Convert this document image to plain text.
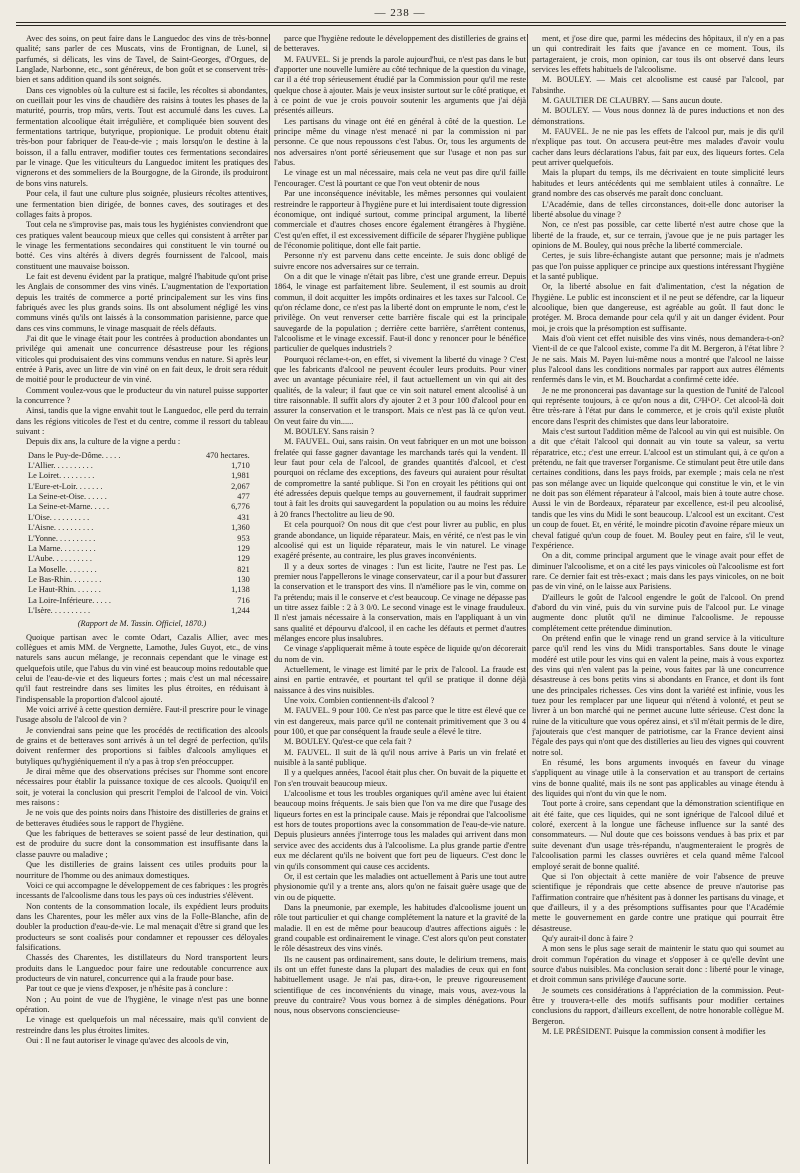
— 238 —

Avec des soins, on peut faire dans le Languedoc des vins de très-bonne qualité; sans parler de ces Muscats, vins de Frontignan, de Lunel, si parfumés, si délicats, les vins de Tavel, de Saint-Georges, d'Orgues, de Langlade, Narbonne, etc., sont généreux, de bon goût et se conservent très-bien et sans addition quand ils sont soignés.

Dans ces vignobles où la culture est si facile, les récoltes si abondantes, on cueillait pour les vins de chaudière des raisins à toutes les phases de la maturité, pourris, trop mûrs, verts. Tout est accumulé dans les cuves. La fermentation alcoolique était irrégulière, et compliquée bien souvent des fermentations tartrique, butyrique, propionique. Le produit obtenu était très-bon pour fabriquer de l'eau-de-vie ; mais lorsqu'on le destine à la boisson, il a fallu entraver, modifier toutes ces fermentations secondaires par le vinage. Que les viticulteurs du Languedoc imitent les pratiques des vignerons et des sommeliers de la Bourgogne, de la Gironde, ils produiront de bons vins naturels.

Pour cela, il faut une culture plus soignée, plusieurs récoltes attentives, une fermentation bien dirigée, de bonnes caves, des soutirages et des collages faits à propos.

Tout cela ne s'improvise pas, mais tous les hygiénistes conviendront que ces pratiques valent beaucoup mieux que celles qui consistent à arrêter par le vinage les fermentations secondaires qui constituent le vin tourné ou botté. Ces vins altérés à divers degrés fournissent de l'alcool, mais constituent une mauvaise boisson.

Le fait est devenu évident par la pratique, malgré l'habitude qu'ont prise les Anglais de consommer des vins vinés. L'augmentation de l'exportation depuis les traités de commerce a porté principalement sur les vins fins fabriqués avec les plus grands soins. Ils ont absolument négligé les vins communs vinés qu'ils ont laissés à la consommation parisienne, parce que dans ces vins communs, le vinage masquait de réels défauts.

J'ai dit que le vinage était pour les contrées à production abondantes un privilége qui amenait une concurrence désastreuse pour les régions viticoles qui produisaient des vins communs vendus en nature. Si après leur entrée à Paris, avec un litre de vin viné on en fait deux, le droit sera réduit de moitié pour le producteur de vin viné.

Comment voulez-vous que le producteur du vin naturel puisse supporter la concurrence ?

Ainsi, tandis que la vigne envahit tout le Languedoc, elle perd du terrain dans les régions viticoles de l'est et du centre, comme il ressort du tableau suivant :

Depuis dix ans, la culture de la vigne a perdu :

Dans le Puy-de-Dôme. . . . .	470 hectares.
L'Allier. . . . . . . . . .	1,710
Le Loiret. . . . . . . . .	1,981
L'Eure-et-Loir. . . . . . .	2,067
La Seine-et-Oise. . . . . .	477
La Seine-et-Marne. . . . .	6,776
L'Oise. . . . . . . . . .	431
L'Aisne. . . . . . . . . .	1,360
L'Yonne. . . . . . . . . .	953
La Marne. . . . . . . . .	129
L'Aube. . . . . . . . . .	129
La Moselle. . . . . . . .	821
Le Bas-Rhin. . . . . . . .	130
Le Haut-Rhin. . . . . . .	1,138
La Loire-Inférieure. . . . .	716
L'Isère. . . . . . . . . .	1,244
(Rapport de M. Tassin. Officiel, 1870.)

Quoique partisan avec le comte Odart, Cazalis Allier, avec mes collègues et amis MM. de Vergnette, Lamothe, Jules Guyot, etc., de vins naturels sans aucun mélange, je reconnais cependant que le vinage est quelquefois utile, que l'abus du vin viné est beaucoup moins redoutable que celui de l'eau-de-vie et des liqueurs fortes ; mais c'est un mal nécessaire qu'il faut restreindre dans ses limites les plus étroites, en réduisant à l'indispensable la proportion d'alcool ajouté.

Me voici arrivé à cette question dernière. Faut-il prescrire pour le vinage l'usage absolu de l'alcool de vin ?

Je conviendrai sans peine que les procédés de rectification des alcools de grains et de betteraves sont arrivés à un tel degré de perfection, qu'ils doivent renfermer des proportions si faibles d'alcools amyliques et butyliques qu'hygiéniquement il n'y a pas à trop s'en préoccupper.

Je dirai même que des observations précises sur l'homme sont encore nécessaires pour établir la puissance toxique de ces alcools. Quoiqu'il en soit, je voterai la conclusion qui prescrit l'emploi de l'alcool de vin. Voici mes raisons :

Je ne vois que des points noirs dans l'histoire des distilleries de grains et de betteraves étudiées sous le rapport de l'hygiène.

Que les fabriques de betteraves se soient passé de leur destination, qui est de produire du sucre dont la consommation est insuffisante dans la classe pauvre ou maladive ;

Que les distilleries de grains laissent ces utiles produits pour la nourriture de l'homme ou des animaux domestiques.

Voici ce qui accompagne le développement de ces fabriques : les progrès incessants de l'alcoolisme dans tous les pays où ces industries s'élèvent.

Non contents de la consommation locale, ils expédient leurs produits dans les Charentes, pour les mêler aux vins de la Folle-Blanche, afin de doubler la production d'eau-de-vie. Le mal menaçait d'être si grand que les producteurs se sont coalisés pour condamner et repousser ces déloyales falsifications.

Chassés des Charentes, les distillateurs du Nord transportent leurs produits dans le Languedoc pour faire une redoutable concurrence aux producteurs de vin naturel, concurrence qui a la fraude pour base.

Par tout ce que je viens d'exposer, je n'hésite pas à conclure :

Non ; Au point de vue de l'hygiène, le vinage n'est pas une bonne opération.

Le vinage est quelquefois un mal nécessaire, mais qu'il convient de restreindre dans les plus étroites limites.

Oui : Il ne faut autoriser le vinage qu'avec des alcools de vin,

parce que l'hygiène redoute le développement des distilleries de grains et de betteraves.

M. FAUVEL. Si je prends la parole aujourd'hui, ce n'est pas dans le but d'apporter une nouvelle lumière au côté technique de la question du vinage, car il a été trop sérieusement étudié par la Commission pour qu'il me reste quelque chose à ajouter. Mais je veux insister surtout sur le côté pratique, et à ce point de vue je crois pouvoir soutenir les arguments que j'ai déjà présentés ailleurs.

Les partisans du vinage ont été en général à côté de la question. Le principe même du vinage n'est menacé ni par la commission ni par personne. Ce que nous repoussons c'est l'abus. Or, tous les arguments de nos adversaires n'ont porté sérieusement que sur l'usage et non pas sur l'abus.

Le vinage est un mal nécessaire, mais cela ne veut pas dire qu'il faille l'encourager. C'est là pourtant ce que l'on veut obtenir de nous

Par une inconséquence inévitable, les mêmes personnes qui voulaient restreindre le rapporteur à l'hygiène pure et lui interdisaient toute digression économique, ont indiqué surtout, comme principal argument, la liberté commerciale et d'autres choses encore également étrangères à l'hygiène. C'est qu'en effet, il est excessivement difficile de séparer l'hygiène publique de l'économie politique, dont elle fait partie.

Personne n'y est parvenu dans cette enceinte. Je suis donc obligé de suivre encore nos adversaires sur ce terrain.

On a dit que le vinage n'était pas libre, c'est une grande erreur. Depuis 1864, le vinage est parfaitement libre. Seulement, il est soumis au droit commun, il doit acquitter les impôts ordinaires et les taxes sur l'alcool. Ce qu'on réclame donc, ce n'est pas la liberté dont on emprunte le nom, c'est le privilège. On veut renverser cette barrière fiscale qui est la principale sauvegarde de la population ; derrière cette barrière, s'arrêtent contenus, l'alcoolisme et le vinage excessif. Faut-il donc y renoncer pour le bénéfice particulier de quelques industriels ?

Pourquoi réclame-t-on, en effet, si vivement la liberté du vinage ? C'est que les fabricants d'alcool ne peuvent écouler leurs produits. Pour viner avec un avantage pécuniaire réel, il faut actuellement un vin qui ait des qualités, de la valeur; il faut que ce vin soit naturel ement alcoolisé à un titre raisonnable. Il suffit alors d'y ajouter 2 et 3 pour 100 d'alcool pour en assurer la conservation et le transport. Mais ce n'est pas là ce qu'on veut. On veut faire du vin......

M. BOULEY. Sans raisin ?

M. FAUVEL. Oui, sans raisin. On veut fabriquer en un mot une boisson frelatée qui fasse gagner davantage les marchands tarés qui la vendent. Il leur faut pour cela de l'alcool, de grandes quantités d'alcool, et c'est pourquoi on réclame des exceptions, des faveurs qui auraient pour résultat de compromettre la santé publique. Si l'on en croyait les pétitions qui ont été adressées depuis quelque temps au gouvernement, il faudrait supprimer tout à fait les droits qui sauvegardent la population ou au moins les réduire à 20 francs l'hectolitre au lieu de 90.

Et cela pourquoi? On nous dit que c'est pour livrer au public, en plus grande abondance, un liquide réparateur. Mais, en vérité, ce n'est pas le vin alcoolisé qui est un liquide réparateur, mais le vin naturel. Le vinage exagéré présente, au contraire, les plus graves inconvénients.

Il y a deux sortes de vinages : l'un est licite, l'autre ne l'est pas. Le premier nous l'appellerons le vinage conservateur, car il a pour but d'assurer la conservation et le transport des vins. Il n'améliore pas le vin, comme on l'a prétendu; mais il le conserve et c'est beaucoup. Ce vinage ne dépasse pas un titre assez faible : 2 à 3 0/0. Le second vinage est le vinage frauduleux. Il n'est jamais nécessaire à la conservation, mais en l'appliquant à un vin sans qualité et dépourvu d'alcool, il en cache les défauts et permet d'autres mélanges encore plus insalubres.

Ce vinage s'appliquerait même à toute espèce de liquide qu'on décorerait du nom de vin.

Actuellement, le vinage est limité par le prix de l'alcool. La fraude est ainsi en partie entravée, et pourtant tel qu'il se pratique il donne déjà naissance à des vins nuisibles.

Une voix. Combien contiennent-ils d'alcool ?

M. FAUVEL. 9 pour 100. Ce n'est pas parce que le titre est élevé que ce vin est dangereux, mais parce qu'il ne contenait primitivement que 3 ou 4 pour 100, et que par conséquent la fraude seule a élevé le titre.

M. BOULEY. Qu'est-ce que cela fait ?

M. FAUVEL. Il suit de là qu'il nous arrive à Paris un vin frelaté et nuisible à la santé publique.

Il y a quelques années, l'acool était plus cher. On buvait de la piquette et l'on s'en trouvait beaucoup mieux.

L'alcoolisme et tous les troubles organiques qu'il amène avec lui étaient beaucoup moins fréquents. Je sais bien que l'on va me dire que l'usage des liqueurs fortes en est la principale cause. Mais je répondrai que l'alcoolisme est hors de toutes proportions avec la consommation de l'eau-de-vie nature. Depuis plusieurs années j'interroge tous les malades qui arrivent dans mon service avec des accidents dus à l'alcoolisme. La plus grande partie d'entre eux me déclarent qu'ils ne boivent que fort peu de liqueurs. C'est donc le vin qu'ils consomment qui cause ces accidents.

Or, il est certain que les maladies ont actuellement à Paris une tout autre physionomie qu'il y a trente ans, alors qu'on ne faisait guère usage que de vin ou de piquette.

Dans la pneumonie, par exemple, les habitudes d'alcoolisme jouent un rôle tout particulier et qui change complétement la nature et la gravité de la maladie. Il en est de même pour beaucoup d'autres affections aiguës : le grand coupable est ordinairement le vinage. C'est alors qu'on peut constater le rôle désastreux des vins vinés.

Ils ne causent pas ordinairement, sans doute, le delirium tremens, mais ils ont un effet funeste dans la plupart des maladies de ceux qui en font habituellement usage. Je n'ai pas, dira-t-on, le preuve rigoureusement scientifique de ces inconvénients du vinage, mais vous, avez-vous la preuve du contraire? Vous vous bornez à de simples dénégations. Pour nous, nous observons consciencieuse-

ment, et j'ose dire que, parmi les médecins des hôpitaux, il n'y en a pas un qui contredirait les faits que j'avance en ce moment. Tous, ils partageraient, je crois, mon opinion, car tous ils ont observé dans leurs services les effets habituels de l'alcoolisme.

M. BOULEY. — Mais cet alcoolisme est causé par l'alcool, par l'absinthe.

M. GAULTIER DE CLAUBRY. — Sans aucun doute.

M. BOULEY. — Vous nous donnez là de pures inductions et non des démonstrations.

M. FAUVEL. Je ne nie pas les effets de l'alcool pur, mais je dis qu'il n'explique pas tout. On accusera peut-être mes malades d'avoir voulu cacher dans leurs déclarations l'abus, fait par eux, des liqueurs fortes. Cela peut arriver quelquefois.

Mais la plupart du temps, ils me décrivaient en toute simplicité leurs habitudes et leurs antécédents qui me semblaient utiles à connaître. Le grand nombre des cas observés me paraît donc concluant.

L'Académie, dans de telles circonstances, doit-elle donc autoriser la liberté absolue du vinage ?

Non, ce n'est pas possible, car cette liberté n'est autre chose que la liberté de la fraude, et, sur ce terrain, j'avoue que je ne puis partager les opinions de M. Bouley, qui nous prêche la liberté commerciale.

Certes, je suis libre-échangiste autant que personne; mais je n'admets pas que l'on puisse appliquer ce principe aux questions intéressant l'hygiène et la santé publique.

Or, la liberté absolue en fait d'alimentation, c'est la négation de l'hygiène. Le public est inconscient et il ne peut se défendre, car la liqueur alcoolique, bien que dangereuse, est agréable au goût. Il faut donc le protéger. M. Broca demande pour cela qu'il y ait un danger évident. Pour moi, je crois que la présomption est suffisante.

Mais d'où vient cet effet nuisible des vins vinés, nous demandera-t-on? Vient-il de ce que l'alcool existe, comme l'a dit M. Bergeron, à l'état libre ? Je ne sais. Mais M. Payen lui-même nous a montré que l'alcool ne laisse plus l'alcool dans les conditions normales par rapport aux autres éléments renfermés dans le vin, et M. Bouchardat a confirmé cette idée.

Je ne me prononcerai pas davantage sur la question de l'unité de l'alcool qui représente toujours, à ce qu'on nous a dit, C²H⁶O². Cet alcool-là doit être très-rare à l'état pur dans le commerce, et je crois qu'il existe plutôt encore dans l'esprit des chimistes que dans leur laboratoire.

Mais c'est surtout l'addition même de l'alcool au vin qui est nuisible. On a dit que c'était l'alcool qui donnait au vin toute sa valeur, sa vertu réparatrice, etc.; c'est une erreur. L'alcool est un stimulant qui, à ce qu'on a prétendu, ne fait que traverser l'organisme. Ce stimulant peut être utile dans certaines conditions, dans les pays froids, par exemple ; mais cela ne n'est pas son mélange avec un liquide quelconque qui constitue le vin, et le vin ne doit pas son élément réparateur à l'alcool, mais bien à toute autre chose. Aussi le vin de Bordeaux, réparateur par excellence, est-il peu alcoolisé, tandis que les vins du Midi le sont beaucoup. L'alcool est un excitant. C'est un coup de fouet. Et, en vérité, le moindre picotin d'avoine répare mieux un cheval fatigué qu'un coup de fouet. M. Bouley peut en faire, s'il le veut, l'expérience.

On a dit, comme principal argument que le vinage avait pour effet de diminuer l'alcoolisme, et on a cité les pays vinicoles où l'alcoolisme est fort rare. Ce dernier fait est très-exact ; mais dans les pays vinicoles, on ne boit pas de vin viné, on le laisse aux Parisiens.

D'ailleurs le goût de l'alcool engendre le goût de l'alcool. On prend d'abord du vin viné, puis du vin survine puis de l'alcool pur. Le vinage augmente donc plutôt qu'il ne diminue l'alcoolisme. Je repousse complétement cette prétendue diminution.

On prétend enfin que le vinage rend un grand service à la viticulture parce qu'il rend les vins du Midi transportables. Sans doute le vinage modéré est utile pour les vins qui en valent la peine, mais à vous exportez des vins qui n'en valent pas la peine, vous faites par là une concurrence désastreuse à ces bons petits vins si abondants en France, et dont ils font une des principales richesses. Ces vins dont la variété est infinie, vous les tuez pour les remplacer par une liqueur qui n'étend à volonté, et peut se livrer à un bon marché qui ne permet aucune lutte sérieuse. C'est donc la ruine de la viticulture que vous opérez ainsi, et s'il m'était permis de le dire, j'ajouterais que c'est manquer de patriotisme, car la France devient ainsi l'égale des pays qui n'ont que des distilleries au lieu des vignes qui couvrent notre sol.

En résumé, les bons arguments invoqués en faveur du vinage s'appliquent au vinage utile à la conservation et au transport de certains vins de bonne qualité, mais ils ne sont pas applicables au vinage étendu à des liquides qui n'ont du vin que le nom.

Tout porte à croire, sans cependant que la démonstration scientifique en ait été faite, que ces liquides, qui ne sont ignérique de l'alcool dilué et coloré, exercent à la longue une fâcheuse influence sur la santé des consommateurs. — Nul doute que ces boissons vendues à bas prix et par suite devenant d'un usage très-répandu, n'augmenteraient le progrès de l'alcoolisation parmi les classes ouvrières et cela quand même l'alcool employé serait de bonne qualité.

Que si l'on objectait à cette manière de voir l'absence de preuve scientifique je répondrais que cette absence de preuve n'autorise pas l'affirmation contraire que n'hésitent pas à donner les partisans du vinage, et que d'ailleurs, il y a des présomptions suffisantes pour que l'Académie mette le gouvernement en garde contre une pratique qui pourrait être désastreuse.

Qu'y aurait-il donc à faire ?

A mon sens le plus sage serait de maintenir le statu quo qui soumet au droit commun l'opération du vinage et s'opposer à ce qu'elle devînt une source d'abus nuisibles. Ma conclusion serait donc : liberté pour le vinage, et droit commun sans privilége d'aucune sorte.

Je soumets ces considérations à l'appréciation de la commission. Peut-être y trouvera-t-elle des motifs suffisants pour modifier certaines conclusions du rapport, d'ailleurs excellent, de notre honorable collègue M. Bergeron.

M. LE PRÉSIDENT. Puisque la commission consent à modifier les
